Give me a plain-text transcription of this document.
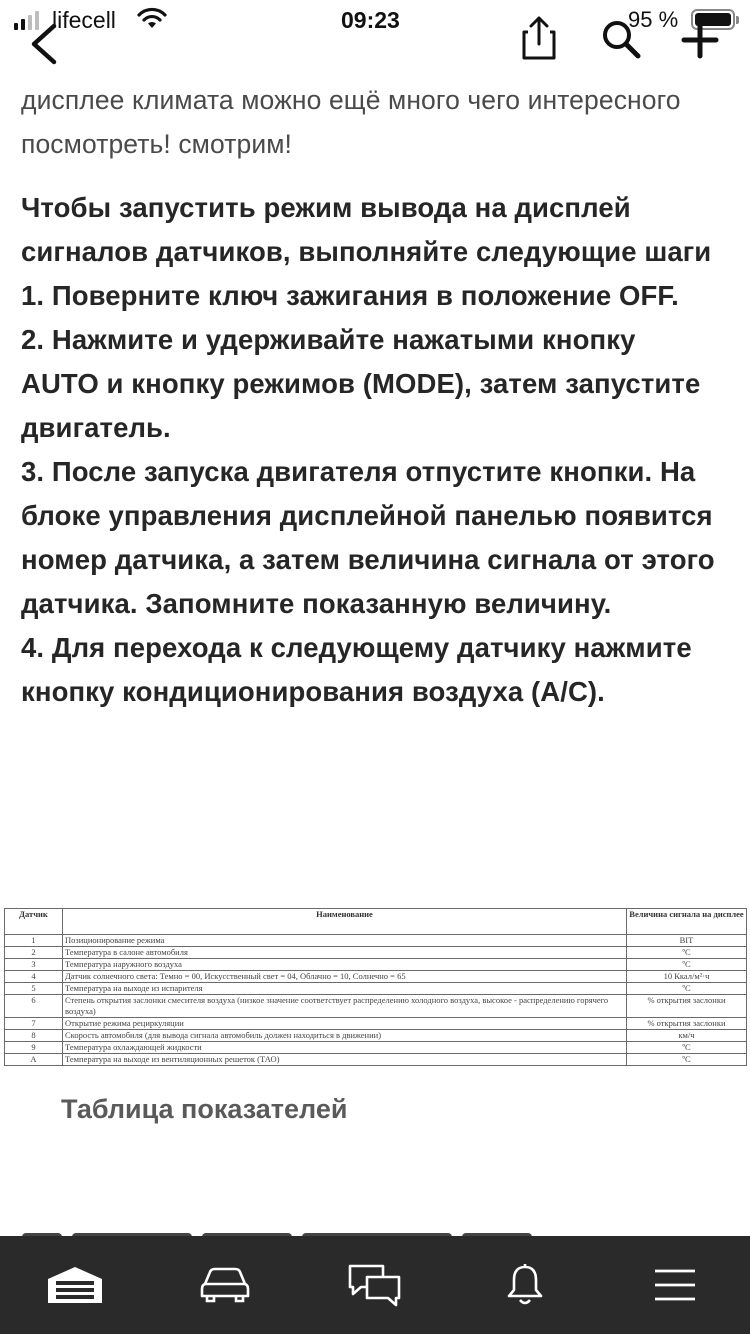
lifecell	09:23	95 %
дисплее климата можно ещё много чего интересного посмотреть! смотрим!

Чтобы запустить режим вывода на дисплей сигналов датчиков, выполняйте следующие шаги

1. Поверните ключ зажигания в положение OFF.

2. Нажмите и удерживайте нажатыми кнопку AUTO и кнопку режимов (MODE), затем запустите двигатель.

3. После запуска двигателя отпустите кнопки. На блоке управления дисплейной панелью появится номер датчика, а затем величина сигнала от этого датчика. Запомните показанную величину.

4. Для перехода к следующему датчику нажмите кнопку кондиционирования воздуха (A/C).

Датчик	Наименование	Величина сигнала на дисплее
1	Позиционирование режима	BIT
2	Температура в салоне автомобиля	ºС
3	Температура наружного воздуха	ºС
4	Датчик солнечного света: Темно = 00, Искусственный свет = 04, Облачно = 10, Солнечно = 65	10 Ккал/м²·ч
5	Температура на выходе из испарителя	ºС
6	Степень открытия заслонки смесителя воздуха (низкое значение соответствует распределению холодного воздуха, высокое - распределению горячего воздуха)	% открытия заслонки
7	Открытие режима рециркуляции	% открытия заслонки
8	Скорость автомобиля (для вывода сигнала автомобиль должен находиться в движении)	км/ч
9	Температура охлаждающей жидкости	ºС
А	Температура на выходе из вентиляционных решеток (ТАО)	ºС
Таблица показателей
